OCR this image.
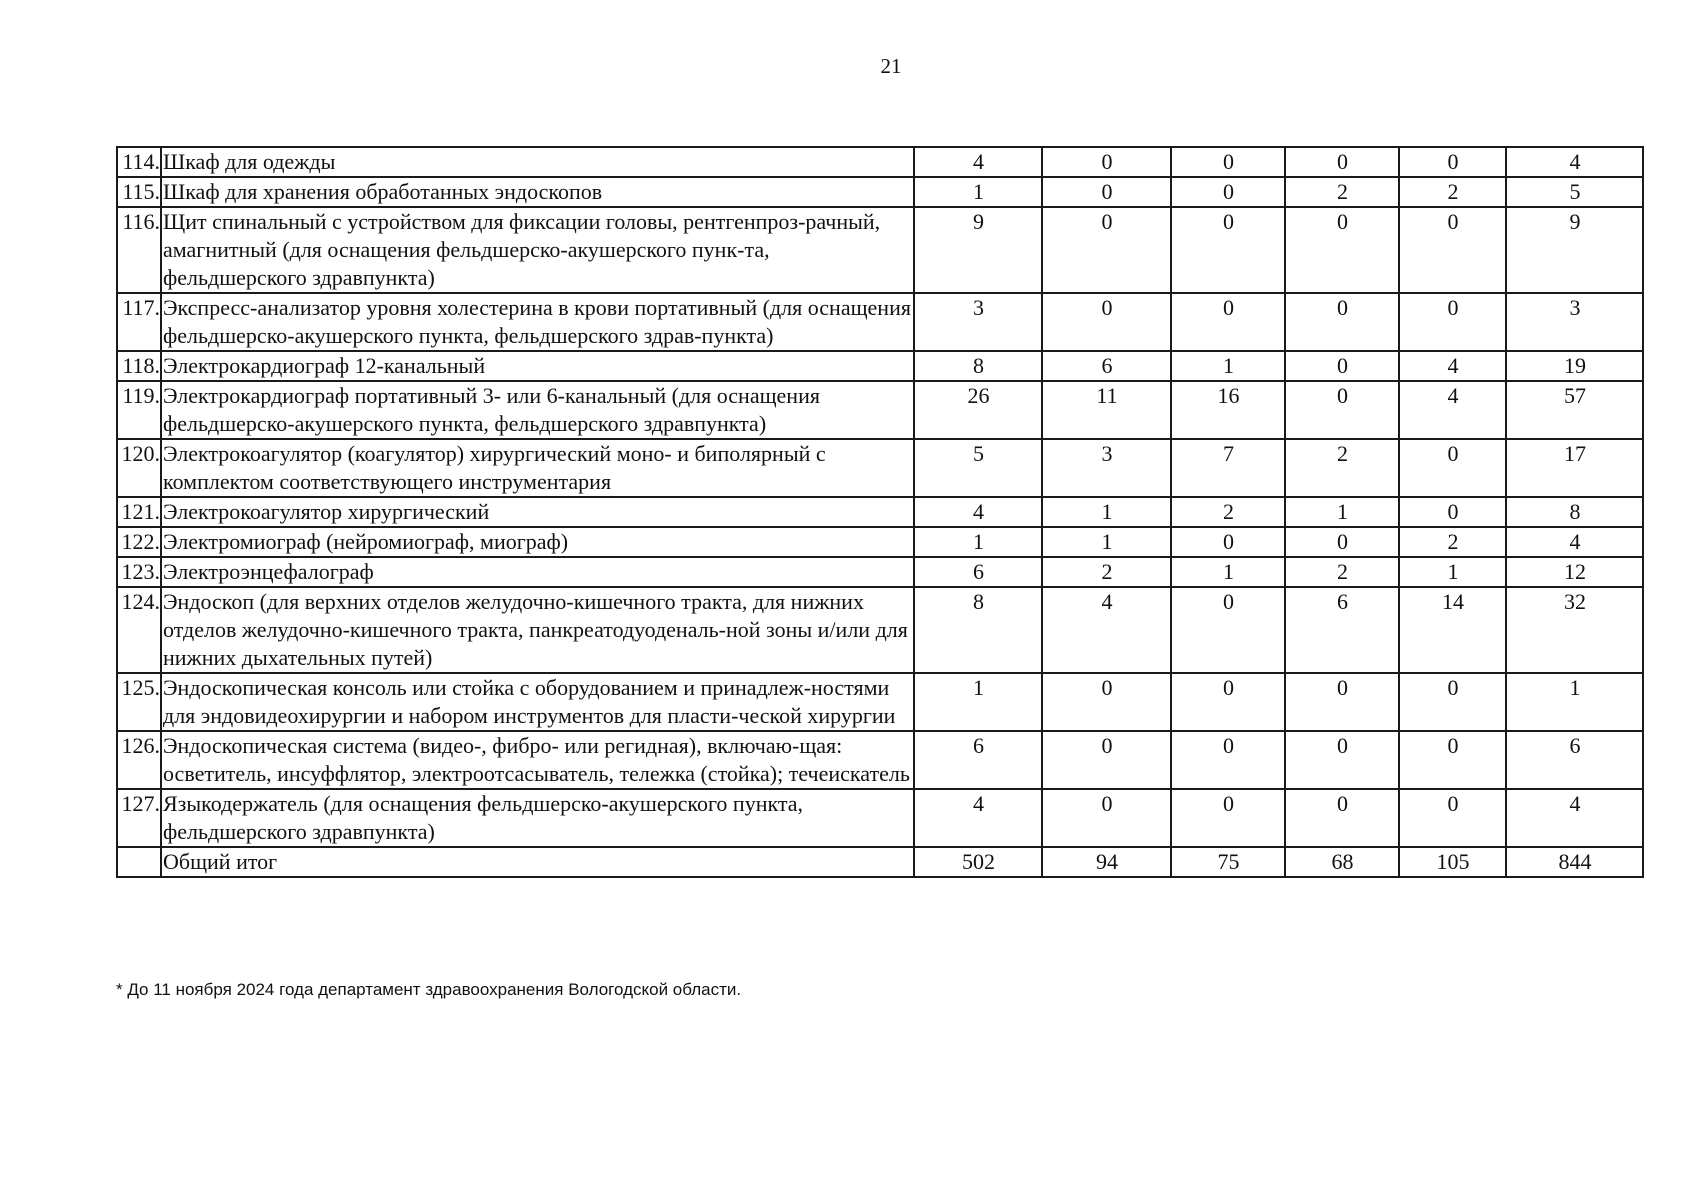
21
114.	Шкаф для одежды	4	0	0	0	0	4
115.	Шкаф для хранения обработанных эндоскопов	1	0	0	2	2	5
116.	Щит спинальный с устройством для фиксации головы, рентгенпроз-рачный, амагнитный (для оснащения фельдшерско-акушерского пунк-та, фельдшерского здравпункта)	9	0	0	0	0	9
117.	Экспресс-анализатор уровня холестерина в крови портативный (для оснащения фельдшерско-акушерского пункта, фельдшерского здрав-пункта)	3	0	0	0	0	3
118.	Электрокардиограф 12-канальный	8	6	1	0	4	19
119.	Электрокардиограф портативный 3- или 6-канальный (для оснащения фельдшерско-акушерского пункта, фельдшерского здравпункта)	26	11	16	0	4	57
120.	Электрокоагулятор (коагулятор) хирургический моно- и биполярный с комплектом соответствующего инструментария	5	3	7	2	0	17
121.	Электрокоагулятор хирургический	4	1	2	1	0	8
122.	Электромиограф (нейромиограф, миограф)	1	1	0	0	2	4
123.	Электроэнцефалограф	6	2	1	2	1	12
124.	Эндоскоп (для верхних отделов желудочно-кишечного тракта, для нижних отделов желудочно-кишечного тракта, панкреатодуоденаль-ной зоны и/или для нижних дыхательных путей)	8	4	0	6	14	32
125.	Эндоскопическая консоль или стойка с оборудованием и принадлеж-ностями для эндовидеохирургии и набором инструментов для пласти-ческой хирургии	1	0	0	0	0	1
126.	Эндоскопическая система (видео-, фибро- или регидная), включаю-щая: осветитель, инсуффлятор, электроотсасыватель, тележка (стойка); течеискатель	6	0	0	0	0	6
127.	Языкодержатель (для оснащения фельдшерско-акушерского пункта, фельдшерского здравпункта)	4	0	0	0	0	4
	Общий итог	502	94	75	68	105	844
* До 11 ноября 2024 года департамент здравоохранения Вологодской области.
